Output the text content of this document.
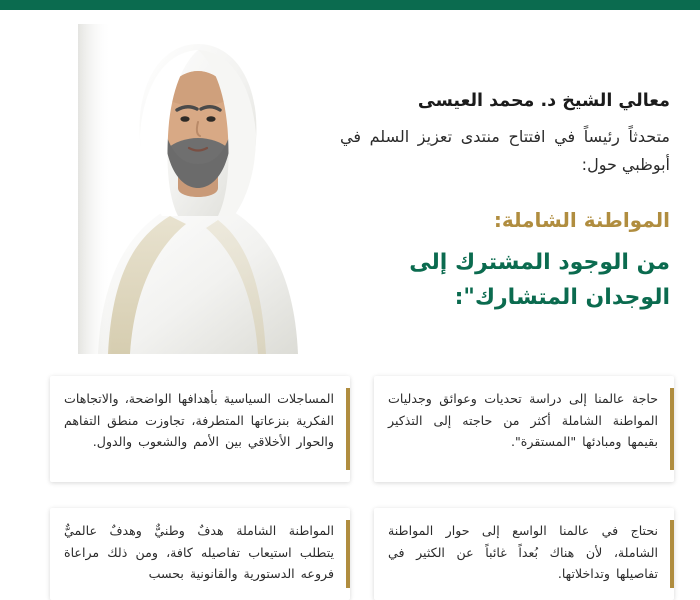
معالي الشيخ د. محمد العيسى
متحدثاً رئيساً في افتتاح منتدى تعزيز السلم في أبوظبي حول:
المواطنة الشاملة:
من الوجود المشترك إلى الوجدان المتشارك":

حاجة عالمنا إلى دراسة تحديات وعوائق وجدليات المواطنة الشاملة أكثر من حاجته إلى التذكير بقيمها ومبادئها "المستقرة".

المساجلات السياسية بأهدافها الواضحة، والاتجاهات الفكرية بنزعاتها المتطرفة، تجاوزت منطق التفاهم والحوار الأخلاقي بين الأمم والشعوب والدول.

نحتاج في عالمنا الواسع إلى حوار المواطنة الشاملة، لأن هناك بُعداً غائباً عن الكثير في تفاصيلها وتداخلاتها.

المواطنة الشاملة هدفٌ وطنيٌّ وهدفٌ عالميٌّ يتطلب استيعاب تفاصيله كافة، ومن ذلك مراعاة فروعه الدستورية والقانونية بحسب
